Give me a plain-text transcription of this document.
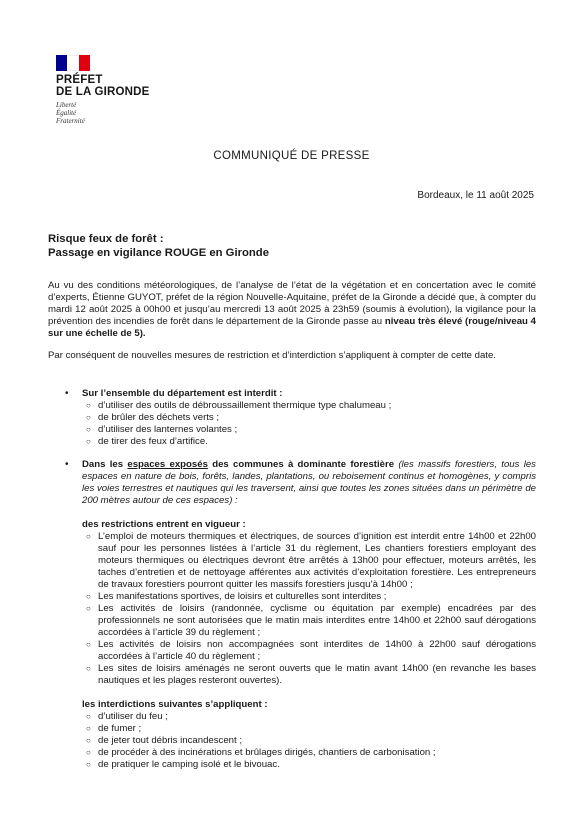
PRÉFET
DE LA GIRONDE
Liberté
Égalité
Fraternité
COMMUNIQUÉ DE PRESSE
Bordeaux, le 11 août 2025
Risque feux de forêt :
Passage en vigilance ROUGE en Gironde
Au vu des conditions météorologiques, de l’analyse de l’état de la végétation et en concertation avec le comité d’experts, Étienne GUYOT, préfet de la région Nouvelle-Aquitaine, préfet de la Gironde a décidé que, à compter du mardi 12 août 2025 à 00h00 et jusqu’au mercredi 13 août 2025 à 23h59 (soumis à évolution), la vigilance pour la prévention des incendies de forêt dans le département de la Gironde passe au niveau très élevé (rouge/niveau 4 sur une échelle de 5).
Par conséquent de nouvelles mesures de restriction et d’interdiction s’appliquent à compter de cette date.
• Sur l’ensemble du département est interdit :
○ d’utiliser des outils de débroussaillement thermique type chalumeau ;
○ de brûler des déchets verts ;
○ d’utiliser des lanternes volantes ;
○ de tirer des feux d’artifice.
• Dans les espaces exposés des communes à dominante forestière (les massifs forestiers, tous les espaces en nature de bois, forêts, landes, plantations, ou reboisement continus et homogènes, y compris les voies terrestres et nautiques qui les traversent, ainsi que toutes les zones situées dans un périmètre de 200 mètres autour de ces espaces) :
des restrictions entrent en vigueur :
○ L’emploi de moteurs thermiques et électriques, de sources d’ignition est interdit entre 14h00 et 22h00 sauf pour les personnes listées à l’article 31 du règlement, Les chantiers forestiers employant des moteurs thermiques ou électriques devront être arrêtés à 13h00 pour effectuer, moteurs arrêtés, les taches d’entretien et de nettoyage afférentes aux activités d’exploitation forestière. Les entrepreneurs de travaux forestiers pourront quitter les massifs forestiers jusqu’à 14h00 ;
○ Les manifestations sportives, de loisirs et culturelles sont interdites ;
○ Les activités de loisirs (randonnée, cyclisme ou équitation par exemple) encadrées par des professionnels ne sont autorisées que le matin mais interdites entre 14h00 et 22h00 sauf dérogations accordées à l’article 39 du règlement ;
○ Les activités de loisirs non accompagnées sont interdites de 14h00 à 22h00 sauf dérogations accordées à l’article 40 du règlement ;
○ Les sites de loisirs aménagés ne seront ouverts que le matin avant 14h00 (en revanche les bases nautiques et les plages resteront ouvertes).
les interdictions suivantes s’appliquent :
○ d’utiliser du feu ;
○ de fumer ;
○ de jeter tout débris incandescent ;
○ de procéder à des incinérations et brûlages dirigés, chantiers de carbonisation ;
○ de pratiquer le camping isolé et le bivouac.
